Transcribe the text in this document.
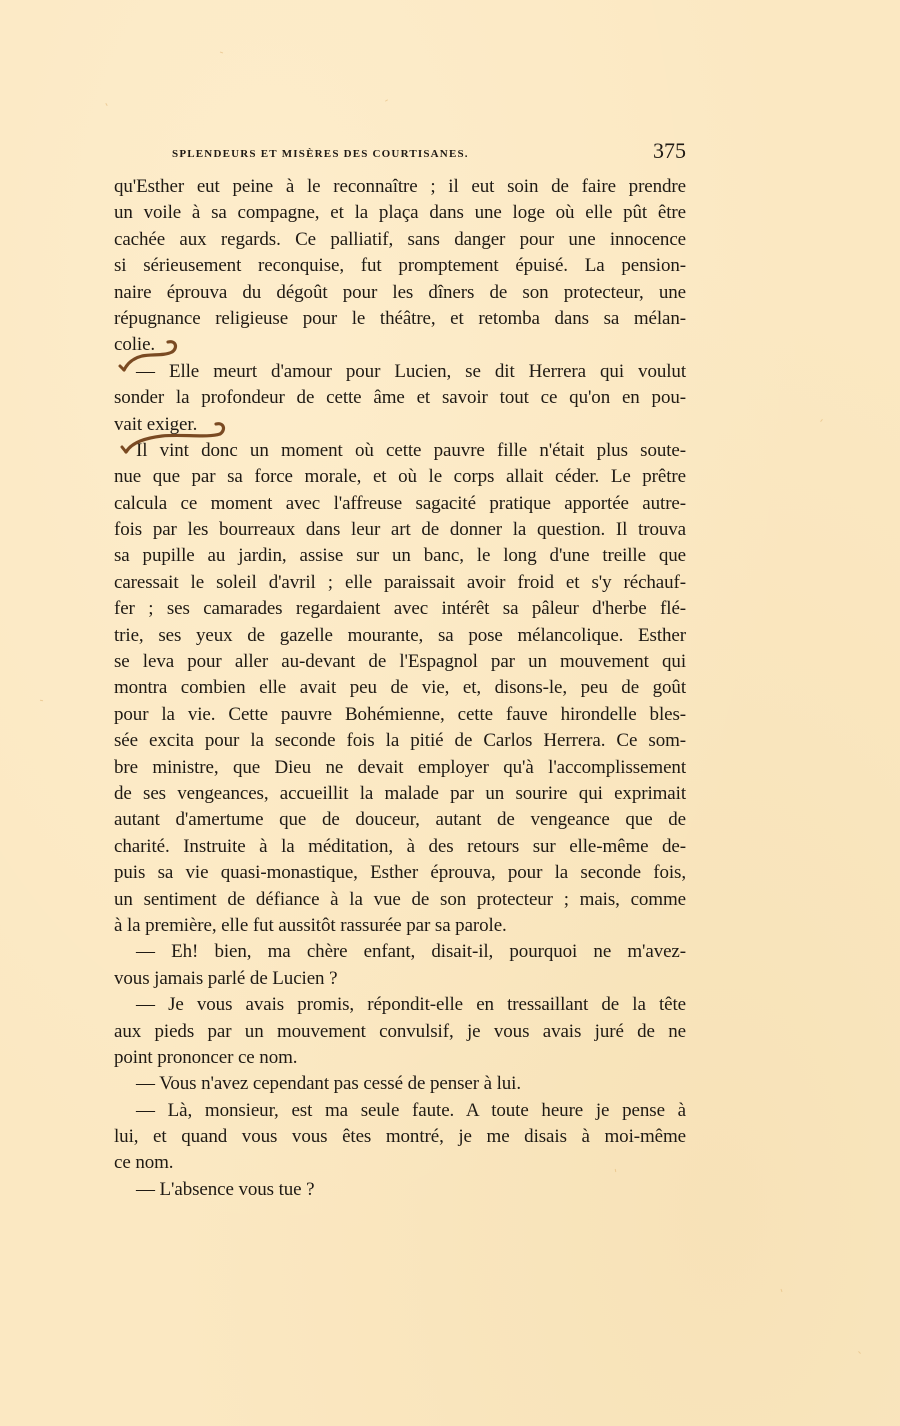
splendeurs et misères des courtisanes.	375
qu'Esther eut peine à le reconnaître ; il eut soin de faire prendre
un voile à sa compagne, et la plaça dans une loge où elle pût être
cachée aux regards. Ce palliatif, sans danger pour une innocence
si sérieusement reconquise, fut promptement épuisé. La pension-
naire éprouva du dégoût pour les dîners de son protecteur, une
répugnance religieuse pour le théâtre, et retomba dans sa mélan-
colie.
— Elle meurt d'amour pour Lucien, se dit Herrera qui voulut
sonder la profondeur de cette âme et savoir tout ce qu'on en pou-
vait exiger.
Il vint donc un moment où cette pauvre fille n'était plus soute-
nue que par sa force morale, et où le corps allait céder. Le prêtre
calcula ce moment avec l'affreuse sagacité pratique apportée autre-
fois par les bourreaux dans leur art de donner la question. Il trouva
sa pupille au jardin, assise sur un banc, le long d'une treille que
caressait le soleil d'avril ; elle paraissait avoir froid et s'y réchauf-
fer ; ses camarades regardaient avec intérêt sa pâleur d'herbe flé-
trie, ses yeux de gazelle mourante, sa pose mélancolique. Esther
se leva pour aller au-devant de l'Espagnol par un mouvement qui
montra combien elle avait peu de vie, et, disons-le, peu de goût
pour la vie. Cette pauvre Bohémienne, cette fauve hirondelle bles-
sée excita pour la seconde fois la pitié de Carlos Herrera. Ce som-
bre ministre, que Dieu ne devait employer qu'à l'accomplissement
de ses vengeances, accueillit la malade par un sourire qui exprimait
autant d'amertume que de douceur, autant de vengeance que de
charité. Instruite à la méditation, à des retours sur elle-même de-
puis sa vie quasi-monastique, Esther éprouva, pour la seconde fois,
un sentiment de défiance à la vue de son protecteur ; mais, comme
à la première, elle fut aussitôt rassurée par sa parole.
— Eh! bien, ma chère enfant, disait-il, pourquoi ne m'avez-
vous jamais parlé de Lucien ?
— Je vous avais promis, répondit-elle en tressaillant de la tête
aux pieds par un mouvement convulsif, je vous avais juré de ne
point prononcer ce nom.
— Vous n'avez cependant pas cessé de penser à lui.
— Là, monsieur, est ma seule faute. A toute heure je pense à
lui, et quand vous vous êtes montré, je me disais à moi-même
ce nom.
— L'absence vous tue ?
